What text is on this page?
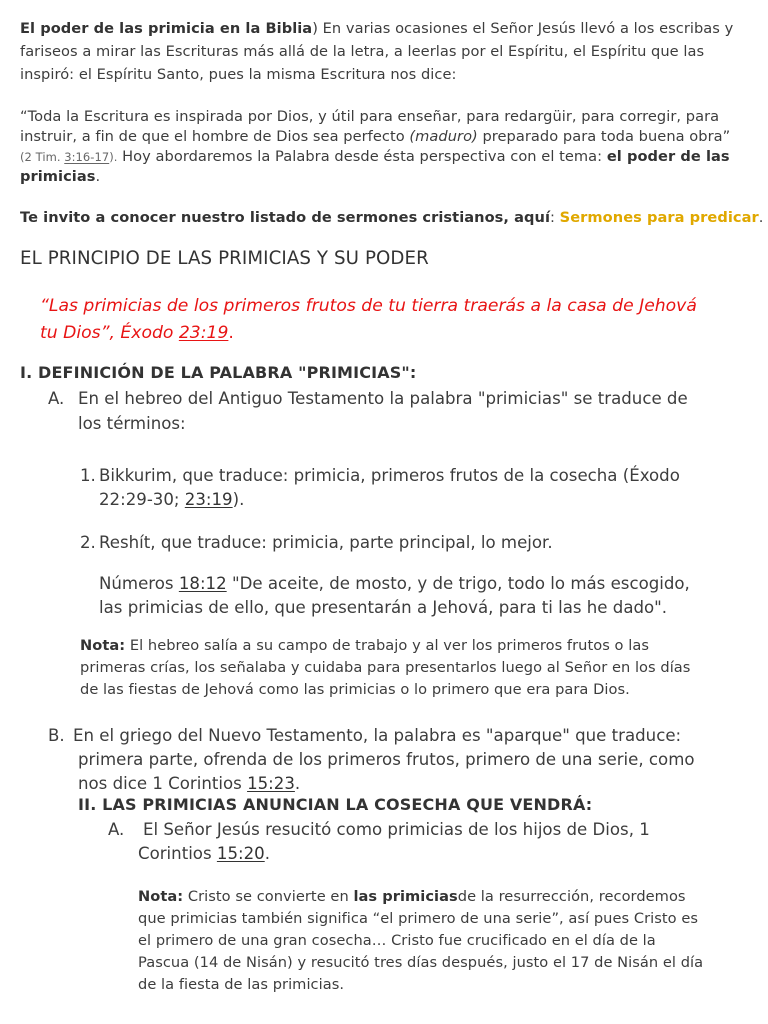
El poder de las primicia en la Biblia) En varias ocasiones el Señor Jesús llevó a los escribas y
fariseos a mirar las Escrituras más allá de la letra, a leerlas por el Espíritu, el Espíritu que las
inspiró: el Espíritu Santo, pues la misma Escritura nos dice:
“Toda la Escritura es inspirada por Dios, y útil para enseñar, para redargüir, para corregir, para
instruir, a fin de que el hombre de Dios sea perfecto (maduro) preparado para toda buena obra”
(2 Tim. 3:16-17). Hoy abordaremos la Palabra desde ésta perspectiva con el tema: el poder de las
primicias.
Te invito a conocer nuestro listado de sermones cristianos, aquí: Sermones para predicar.
EL PRINCIPIO DE LAS PRIMICIAS Y SU PODER
“Las primicias de los primeros frutos de tu tierra traerás a la casa de Jehová
tu Dios”, Éxodo 23:19.
I. DEFINICIÓN DE LA PALABRA "PRIMICIAS":
A. En el hebreo del Antiguo Testamento la palabra "primicias" se traduce de
los términos:
1. Bikkurim, que traduce: primicia, primeros frutos de la cosecha (Éxodo
22:29-30; 23:19).
2. Reshít, que traduce: primicia, parte principal, lo mejor.
Números 18:12 "De aceite, de mosto, y de trigo, todo lo más escogido,
las primicias de ello, que presentarán a Jehová, para ti las he dado".
Nota: El hebreo salía a su campo de trabajo y al ver los primeros frutos o las
primeras crías, los señalaba y cuidaba para presentarlos luego al Señor en los días
de las fiestas de Jehová como las primicias o lo primero que era para Dios.
B. En el griego del Nuevo Testamento, la palabra es "aparque" que traduce:
primera parte, ofrenda de los primeros frutos, primero de una serie, como
nos dice 1 Corintios 15:23.
II. LAS PRIMICIAS ANUNCIAN LA COSECHA QUE VENDRÁ:
A. El Señor Jesús resucitó como primicias de los hijos de Dios, 1
Corintios 15:20.
Nota: Cristo se convierte en las primiciasde la resurrección, recordemos
que primicias también significa “el primero de una serie”, así pues Cristo es
el primero de una gran cosecha… Cristo fue crucificado en el día de la
Pascua (14 de Nisán) y resucitó tres días después, justo el 17 de Nisán el día
de la fiesta de las primicias.
